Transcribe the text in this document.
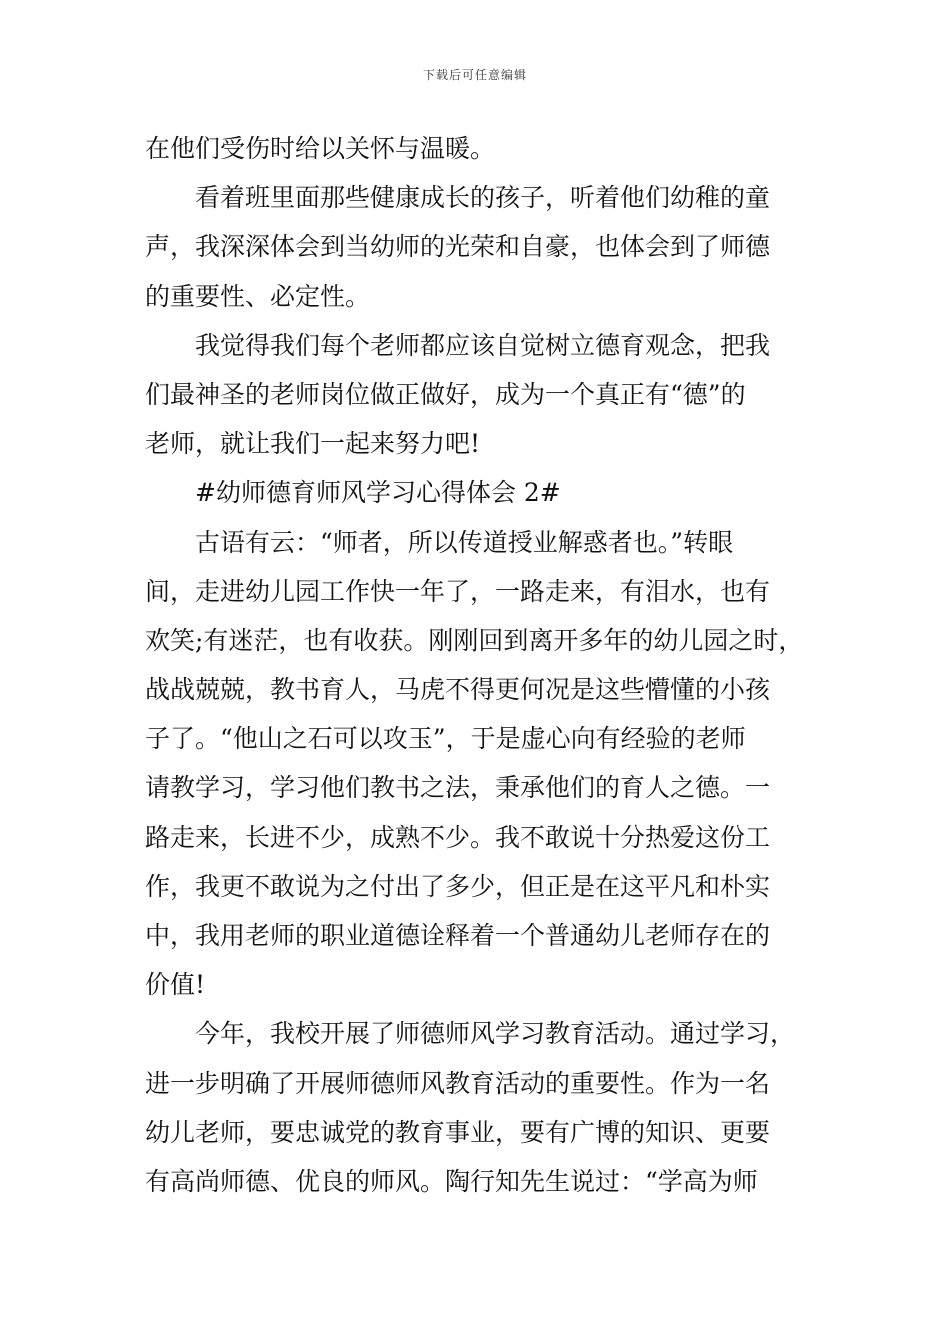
下载后可任意编辑
在他们受伤时给以关怀与温暖。
看着班里面那些健康成长的孩子，听着他们幼稚的童
声，我深深体会到当幼师的光荣和自豪，也体会到了师德
的重要性、必定性。
我觉得我们每个老师都应该自觉树立德育观念，把我
们最神圣的老师岗位做正做好，成为一个真正有“德”的
老师，就让我们一起来努力吧!
#幼师德育师风学习心得体会 2#
古语有云：“师者，所以传道授业解惑者也。”转眼
间，走进幼儿园工作快一年了，一路走来，有泪水，也有
欢笑;有迷茫，也有收获。刚刚回到离开多年的幼儿园之时，
战战兢兢，教书育人，马虎不得更何况是这些懵懂的小孩
子了。“他山之石可以攻玉”，于是虚心向有经验的老师
请教学习，学习他们教书之法，秉承他们的育人之德。一
路走来，长进不少，成熟不少。我不敢说十分热爱这份工
作，我更不敢说为之付出了多少，但正是在这平凡和朴实
中，我用老师的职业道德诠释着一个普通幼儿老师存在的
价值!
今年，我校开展了师德师风学习教育活动。通过学习，
进一步明确了开展师德师风教育活动的重要性。作为一名
幼儿老师，要忠诚党的教育事业，要有广博的知识、更要
有高尚师德、优良的师风。陶行知先生说过：“学高为师
